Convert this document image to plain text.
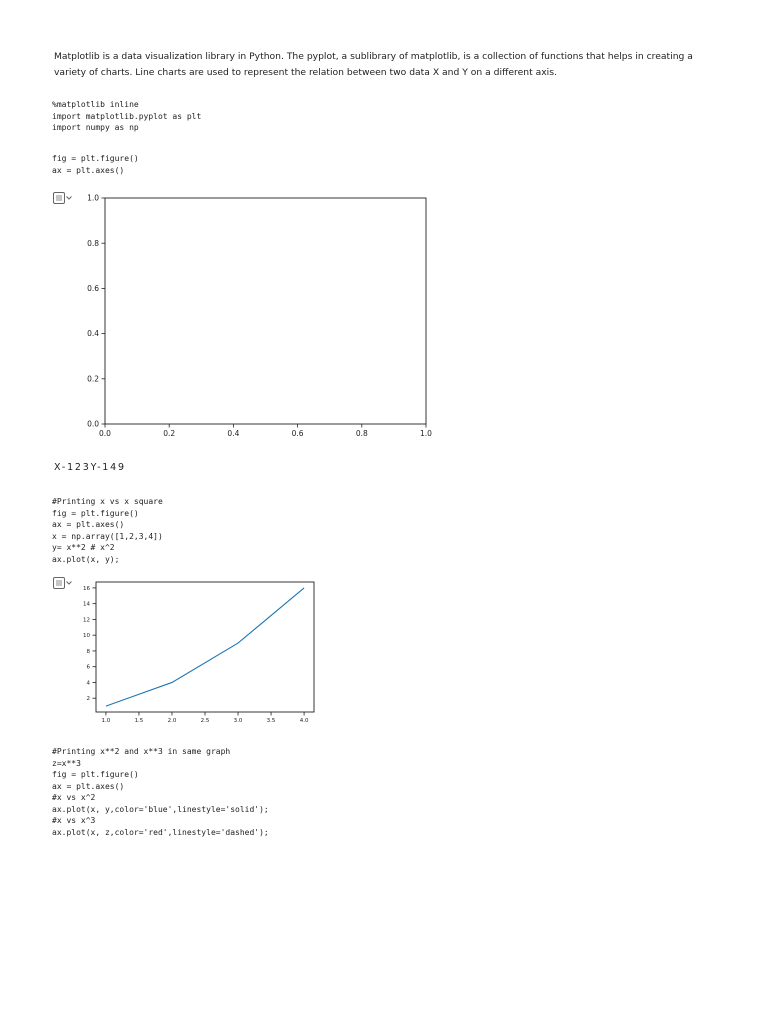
Matplotlib is a data visualization library in Python. The pyplot, a sublibrary of matplotlib, is a collection of functions that helps in creating a variety of charts. Line charts are used to represent the relation between two data X and Y on a different axis.
%matplotlib inline
import matplotlib.pyplot as plt
import numpy as np
fig = plt.figure()
ax = plt.axes()
0.0	0.2	0.4	0.6	0.8	1.0
0.0
0.2
0.4
0.6
0.8
1.0
X-123Y-149
#Printing x vs x square
fig = plt.figure()
ax = plt.axes()
x = np.array([1,2,3,4])
y= x**2 # x^2
ax.plot(x, y);
1.0	1.5	2.0	2.5	3.0	3.5	4.0
2
4
6
8
10
12
14
16
#Printing x**2 and x**3 in same graph
z=x**3
fig = plt.figure()
ax = plt.axes()
#x vs x^2
ax.plot(x, y,color='blue',linestyle='solid');
#x vs x^3
ax.plot(x, z,color='red',linestyle='dashed');
